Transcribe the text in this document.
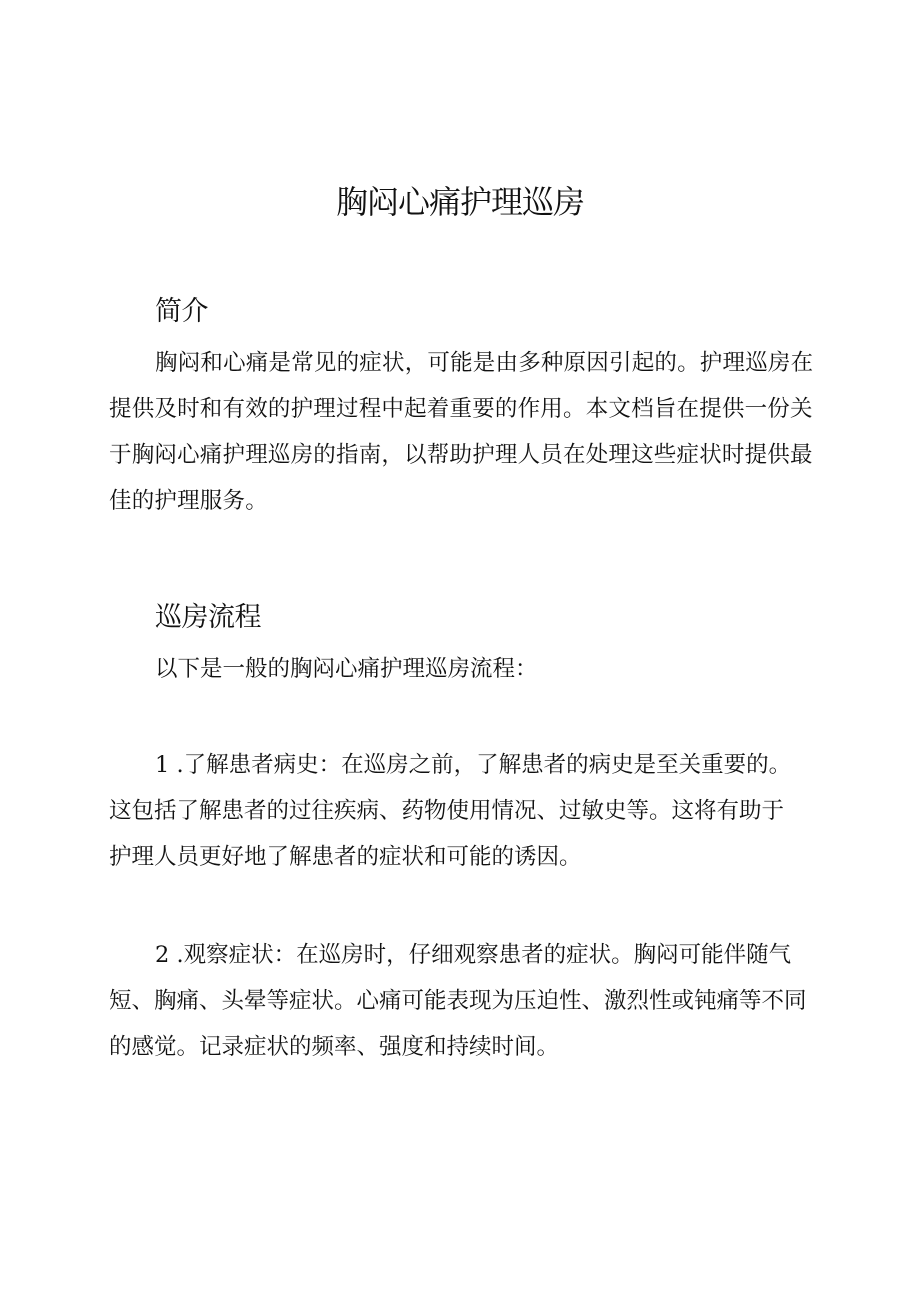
胸闷心痛护理巡房
简介
胸闷和心痛是常见的症状，可能是由多种原因引起的。护理巡房在提供及时和有效的护理过程中起着重要的作用。本文档旨在提供一份关于胸闷心痛护理巡房的指南，以帮助护理人员在处理这些症状时提供最佳的护理服务。
巡房流程
以下是一般的胸闷心痛护理巡房流程：
1 .了解患者病史：在巡房之前，了解患者的病史是至关重要的。
这包括了解患者的过往疾病、药物使用情况、过敏史等。这将有助于
护理人员更好地了解患者的症状和可能的诱因。
2 .观察症状：在巡房时，仔细观察患者的症状。胸闷可能伴随气
短、胸痛、头晕等症状。心痛可能表现为压迫性、激烈性或钝痛等不同
的感觉。记录症状的频率、强度和持续时间。
